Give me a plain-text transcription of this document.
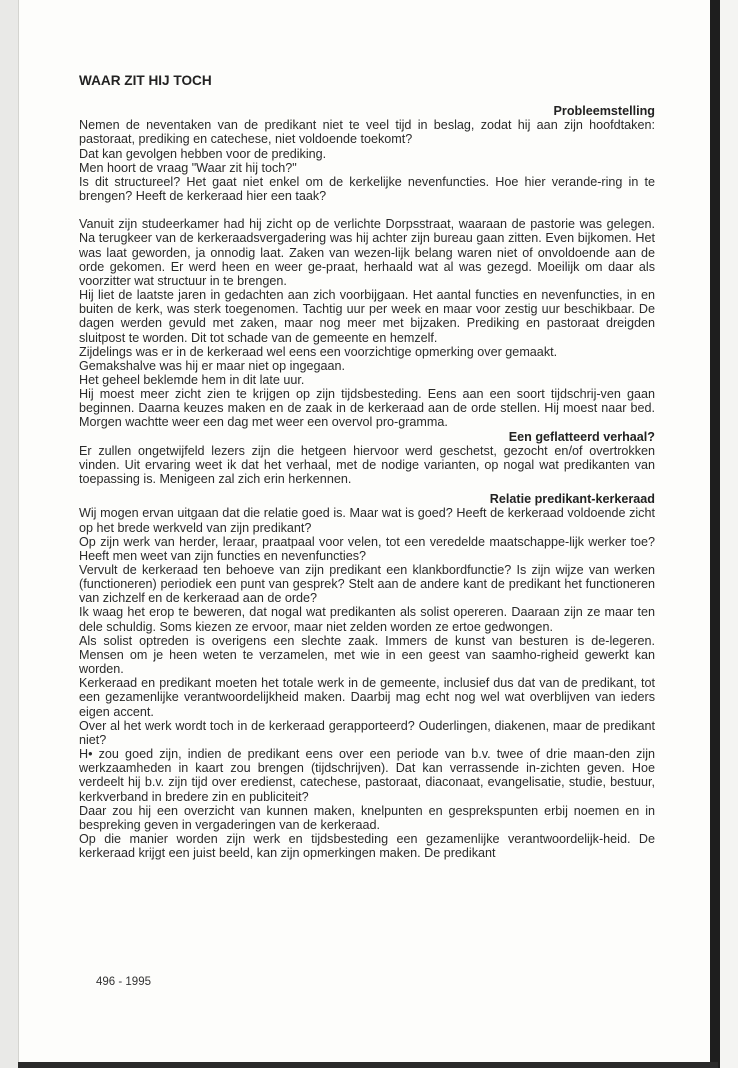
WAAR ZIT HIJ TOCH

Probleemstelling

Nemen de neventaken van de predikant niet te veel tijd in beslag, zodat hij aan zijn hoofdtaken: pastoraat, prediking en catechese, niet voldoende toekomt?

Dat kan gevolgen hebben voor de prediking.

Men hoort de vraag "Waar zit hij toch?"

Is dit structureel? Het gaat niet enkel om de kerkelijke nevenfuncties. Hoe hier verande-ring in te brengen? Heeft de kerkeraad hier een taak?

Vanuit zijn studeerkamer had hij zicht op de verlichte Dorpsstraat, waaraan de pastorie was gelegen. Na terugkeer van de kerkeraadsvergadering was hij achter zijn bureau gaan zitten. Even bijkomen. Het was laat geworden, ja onnodig laat. Zaken van wezen-lijk belang waren niet of onvoldoende aan de orde gekomen. Er werd heen en weer ge-praat, herhaald wat al was gezegd. Moeilijk om daar als voorzitter wat structuur in te brengen.

Hij liet de laatste jaren in gedachten aan zich voorbijgaan. Het aantal functies en nevenfuncties, in en buiten de kerk, was sterk toegenomen. Tachtig uur per week en maar voor zestig uur beschikbaar. De dagen werden gevuld met zaken, maar nog meer met bijzaken. Prediking en pastoraat dreigden sluitpost te worden. Dit tot schade van de gemeente en hemzelf.

Zijdelings was er in de kerkeraad wel eens een voorzichtige opmerking over gemaakt.

Gemakshalve was hij er maar niet op ingegaan.

Het geheel beklemde hem in dit late uur.

Hij moest meer zicht zien te krijgen op zijn tijdsbesteding. Eens aan een soort tijdschrij-ven gaan beginnen. Daarna keuzes maken en de zaak in de kerkeraad aan de orde stellen. Hij moest naar bed. Morgen wachtte weer een dag met weer een overvol pro-gramma.

Een geflatteerd verhaal?

Er zullen ongetwijfeld lezers zijn die hetgeen hiervoor werd geschetst, gezocht en/of overtrokken vinden. Uit ervaring weet ik dat het verhaal, met de nodige varianten, op nogal wat predikanten van toepassing is. Menigeen zal zich erin herkennen.

Relatie predikant-kerkeraad

Wij mogen ervan uitgaan dat die relatie goed is. Maar wat is goed? Heeft de kerkeraad voldoende zicht op het brede werkveld van zijn predikant?

Op zijn werk van herder, leraar, praatpaal voor velen, tot een veredelde maatschappe-lijk werker toe? Heeft men weet van zijn functies en nevenfuncties?

Vervult de kerkeraad ten behoeve van zijn predikant een klankbordfunctie? Is zijn wijze van werken (functioneren) periodiek een punt van gesprek? Stelt aan de andere kant de predikant het functioneren van zichzelf en de kerkeraad aan de orde?

Ik waag het erop te beweren, dat nogal wat predikanten als solist opereren. Daaraan zijn ze maar ten dele schuldig. Soms kiezen ze ervoor, maar niet zelden worden ze ertoe gedwongen.

Als solist optreden is overigens een slechte zaak. Immers de kunst van besturen is de-legeren. Mensen om je heen weten te verzamelen, met wie in een geest van saamho-righeid gewerkt kan worden.

Kerkeraad en predikant moeten het totale werk in de gemeente, inclusief dus dat van de predikant, tot een gezamenlijke verantwoordelijkheid maken. Daarbij mag echt nog wel wat overblijven van ieders eigen accent.

Over al het werk wordt toch in de kerkeraad gerapporteerd? Ouderlingen, diakenen, maar de predikant niet?

H• zou goed zijn, indien de predikant eens over een periode van b.v. twee of drie maan-den zijn werkzaamheden in kaart zou brengen (tijdschrijven). Dat kan verrassende in-zichten geven. Hoe verdeelt hij b.v. zijn tijd over eredienst, catechese, pastoraat, diaconaat, evangelisatie, studie, bestuur, kerkverband in bredere zin en publiciteit?

Daar zou hij een overzicht van kunnen maken, knelpunten en gesprekspunten erbij noemen en in bespreking geven in vergaderingen van de kerkeraad.

Op die manier worden zijn werk en tijdsbesteding een gezamenlijke verantwoordelijk-heid. De kerkeraad krijgt een juist beeld, kan zijn opmerkingen maken. De predikant

496 - 1995
